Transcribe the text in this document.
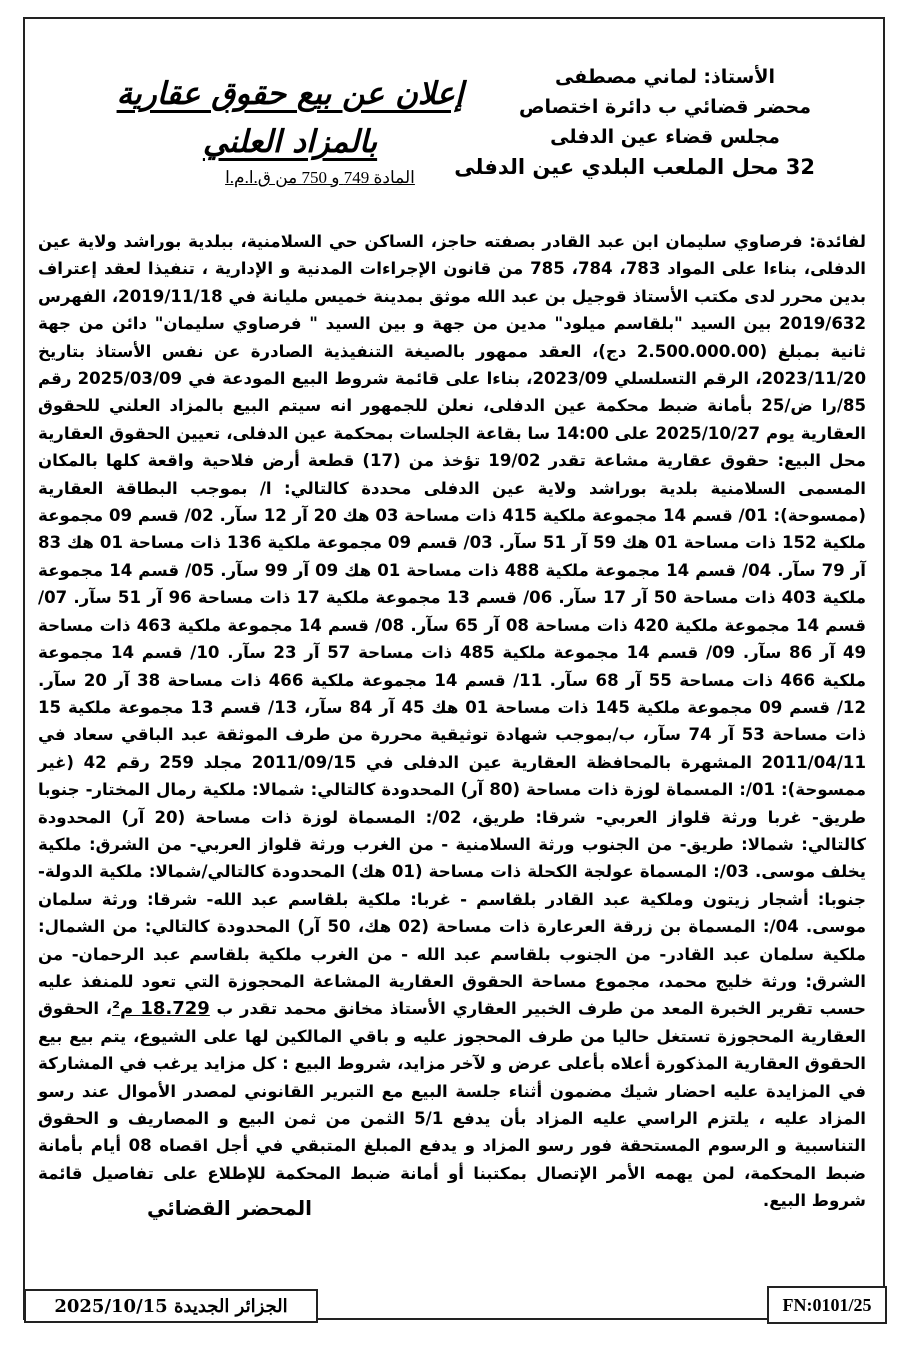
الأستاذ: لماني مصطفى
محضر قضائي ب دائرة اختصاص
مجلس قضاء عين الدفلى
32 محل الملعب البلدي عين الدفلى
إعلان عن بيع حقوق عقارية
بالمزاد العلني
المادة 749 و 750 من ق.ا.م.ا

لفائدة: فرصاوي سليمان ابن عبد القادر بصفته حاجز، الساكن حي السلامنية، ببلدية بوراشد ولاية عين الدفلى، بناءا على المواد 783، 784، 785 من قانون الإجراءات المدنية و الإدارية ، تنفيذا لعقد إعتراف بدين محرر لدى مكتب الأستاذ قوجيل بن عبد الله موثق بمدينة خميس مليانة في 2019/11/18، الفهرس 2019/632 بين السيد "بلقاسم ميلود" مدين من جهة و بين السيد " فرصاوي سليمان" دائن من جهة ثانية بمبلغ (2.500.000.00 دج)، العقد ممهور بالصيغة التنفيذية الصادرة عن نفس الأستاذ بتاريخ 2023/11/20، الرقم التسلسلي 2023/09، بناءا على قائمة شروط البيع المودعة في 2025/03/09 رقم 85/را ض/25 بأمانة ضبط محكمة عين الدفلى، نعلن للجمهور انه سيتم البيع بالمزاد العلني للحقوق العقارية يوم 2025/10/27 على 14:00 سا بقاعة الجلسات بمحكمة عين الدفلى، تعيين الحقوق العقارية محل البيع: حقوق عقارية مشاعة تقدر 19/02 تؤخذ من (17) قطعة أرض فلاحية واقعة كلها بالمكان المسمى السلامنية بلدية بوراشد ولاية عين الدفلى محددة كالتالي: ا/ بموجب البطاقة العقارية (ممسوحة): 01/ قسم 14 مجموعة ملكية 415 ذات مساحة 03 هك 20 آر 12 سآر. 02/ قسم 09 مجموعة ملكية 152 ذات مساحة 01 هك 59 آر 51 سآر. 03/ قسم 09 مجموعة ملكية 136 ذات مساحة 01 هك 83 آر 79 سآر. 04/ قسم 14 مجموعة ملكية 488 ذات مساحة 01 هك 09 آر 99 سآر. 05/ قسم 14 مجموعة ملكية 403 ذات مساحة 50 آر 17 سآر. 06/ قسم 13 مجموعة ملكية 17 ذات مساحة 96 آر 51 سآر. 07/ قسم 14 مجموعة ملكية 420 ذات مساحة 08 آر 65 سآر. 08/ قسم 14 مجموعة ملكية 463 ذات مساحة 49 آر 86 سآر. 09/ قسم 14 مجموعة ملكية 485 ذات مساحة 57 آر 23 سآر. 10/ قسم 14 مجموعة ملكية 466 ذات مساحة 55 آر 68 سآر. 11/ قسم 14 مجموعة ملكية 466 ذات مساحة 38 آر 20 سآر. 12/ قسم 09 مجموعة ملكية 145 ذات مساحة 01 هك 45 آر 84 سآر، 13/ قسم 13 مجموعة ملكية 15 ذات مساحة 53 آر 74 سآر، ب/بموجب شهادة توثيقية محررة من طرف الموثقة عبد الباقي سعاد في 2011/04/11 المشهرة بالمحافظة العقارية عين الدفلى في 2011/09/15 مجلد 259 رقم 42 (غير ممسوحة): 01/: المسماة لوزة ذات مساحة (80 آر) المحدودة كالتالي: شمالا: ملكية رمال المختار- جنوبا طريق- غربا ورثة قلواز العربي- شرقا: طريق، 02/: المسماة لوزة ذات مساحة (20 آر) المحدودة كالتالي: شمالا: طريق- من الجنوب ورثة السلامنية - من الغرب ورثة قلواز العربي- من الشرق: ملكية يخلف موسى. 03/: المسماة عولجة الكحلة ذات مساحة (01 هك) المحدودة كالتالي/شمالا: ملكية الدولة- جنوبا: أشجار زيتون وملكية عبد القادر بلقاسم - غربا: ملكية بلقاسم عبد الله- شرقا: ورثة سلمان موسى. 04/: المسماة بن زرقة العرعارة ذات مساحة (02 هك، 50 آر) المحدودة كالتالي: من الشمال: ملكية سلمان عبد القادر- من الجنوب بلقاسم عبد الله - من الغرب ملكية بلقاسم عبد الرحمان- من الشرق: ورثة خليج محمد، مجموع مساحة الحقوق العقارية المشاعة المحجوزة التي تعود للمنفذ عليه حسب تقرير الخبرة المعد من طرف الخبير العقاري الأستاذ مخانق محمد تقدر ب 18.729 م²، الحقوق العقارية المحجوزة تستغل حاليا من طرف المحجوز عليه و باقي المالكين لها على الشيوع، يتم بيع بيع الحقوق العقارية المذكورة أعلاه بأعلى عرض و لآخر مزايد، شروط البيع : كل مزايد يرغب في المشاركة في المزايدة عليه احضار شيك مضمون أثناء جلسة البيع مع التبرير القانوني لمصدر الأموال عند رسو المزاد عليه ، يلتزم الراسي عليه المزاد بأن يدفع 5/1 الثمن من ثمن البيع و المصاريف و الحقوق التناسبية و الرسوم المستحقة فور رسو المزاد و يدفع المبلغ المتبقي في أجل اقصاه 08 أيام بأمانة ضبط المحكمة، لمن يهمه الأمر الإتصال بمكتبنا أو أمانة ضبط المحكمة للإطلاع على تفاصيل قائمة شروط البيع.

المحضر القضائي
الجزائر الجديدة 2025/10/15	FN:0101/25
